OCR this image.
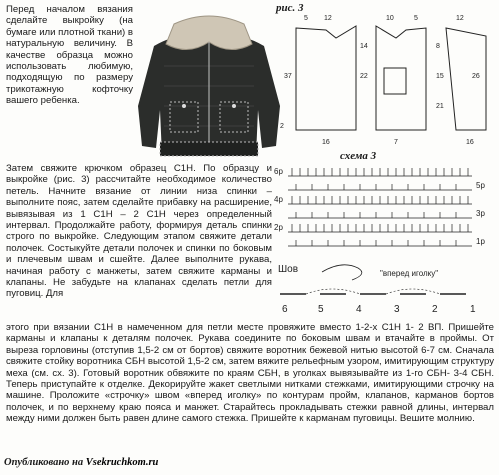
Перед началом вязания сделайте выкройку (на бумаге или плотной ткани) в натуральную величину. В качестве образца можно использовать любимую, подходящую по размеру трикотажную кофточку вашего ребенка.
рис. 3
5 12	10	5	12
14
37	22
8
15
16	7
26
21
2
16
схема 3
6р
4р
2р
5р
3р
1р
Затем свяжите крючком образец С1Н. По образцу и выкройке (рис. 3) рассчитайте необходимое количество петель. Начните вязание от линии низа спинки – выполните пояс, затем сделайте прибавку на расширение, вывязывая из 1 С1Н – 2 С1Н через определенный интервал. Продолжайте работу, формируя деталь спинки строго по выкройке. Следующим этапом свяжите детали полочек. Состыкуйте детали полочек и спинки по боковым и плечевым швам и сшейте. Далее выполните рукава, начиная работу с манжеты, затем свяжите карманы и клапаны. Не забудьте на клапанах сделать петли для пуговиц. Для
Шов	"вперед иголку"
6	5	4	3	2	1
этого при вязании С1Н в намеченном для петли месте провяжите вместо 1-2-х С1Н 1- 2 ВП. Пришейте карманы и клапаны к деталям полочек. Рукава соедините по боковым швам и втачайте в проймы. От выреза горловины (отступив 1,5-2 см от бортов) свяжите воротник бежевой нитью высотой 6-7 см. Сначала свяжите стойку воротника СБН высотой 1,5-2 см, затем вяжите рельефным узором, имитирующим структуру меха (см. сх. 3). Готовый воротник обвяжите по краям СБН, в уголках вывязывайте из 1-го СБН- 3-4 СБН. Теперь приступайте к отделке. Декорируйте жакет светлыми нитками стежками, имитирующими строчку на машине. Проложите «строчку» швом «вперед иголку» по контурам пройм, клапанов, карманов бортов полочек, и по верхнему краю пояса и манжет. Старайтесь прокладывать стежки равной длины, интервал между ними должен быть равен длине самого стежка. Пришейте к карманам пуговицы. Вешите молнию.
Опубликовано на Vsekruchkom.ru
